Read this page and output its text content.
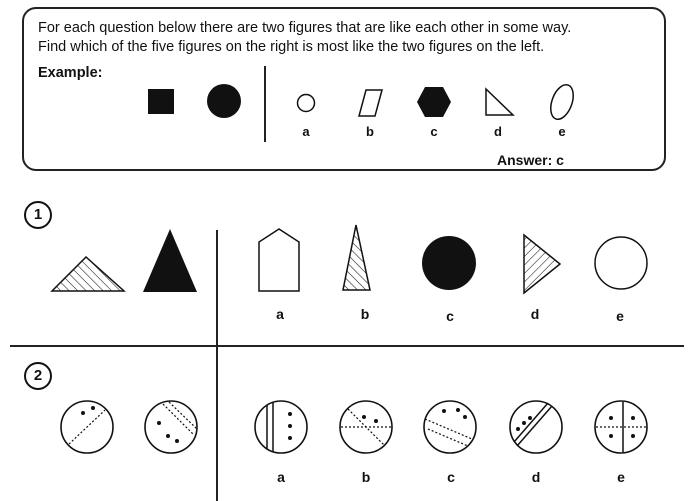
For each question below there are two figures that are like each other in some way.
Find which of the five figures on the right is most like the two figures on the left.
Example:
a	b	c	d	e
Answer: c
1
a	b	c	d	e
2
a	b	c	d	e
